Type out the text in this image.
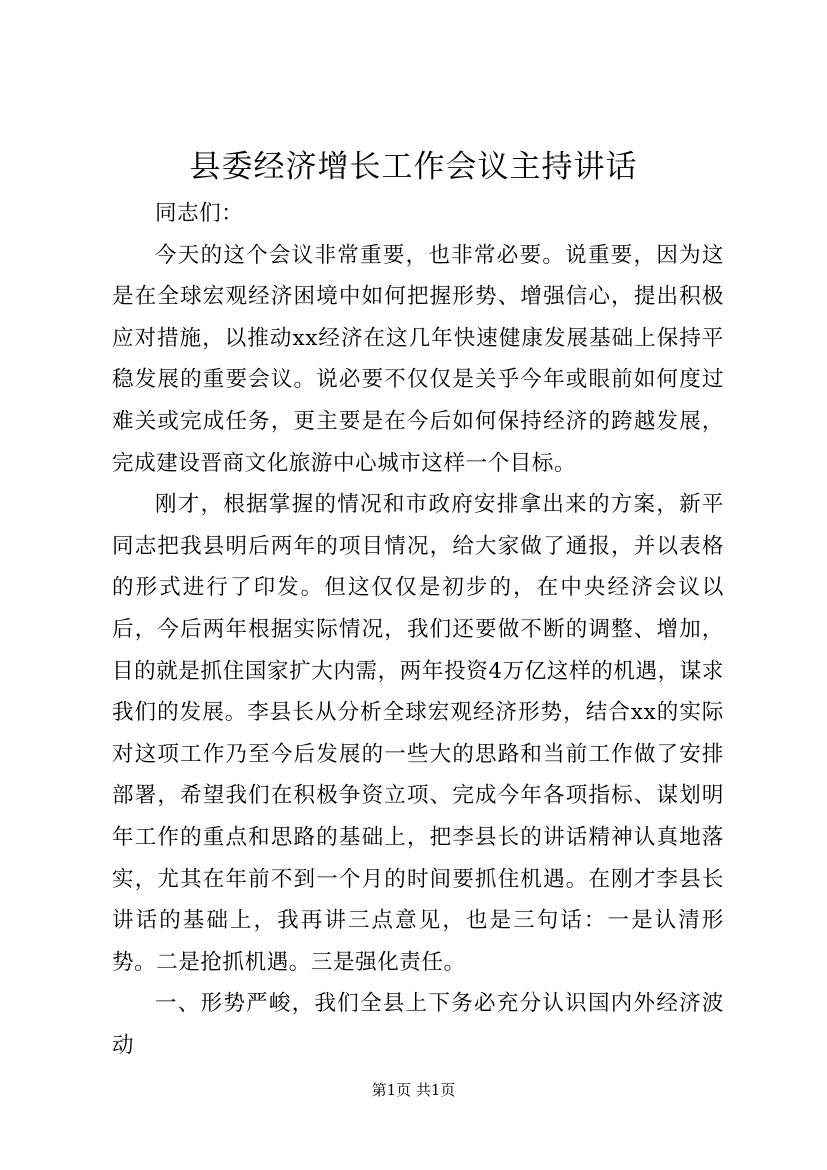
县委经济增长工作会议主持讲话

同志们：

今天的这个会议非常重要，也非常必要。说重要，因为这是在全球宏观经济困境中如何把握形势、增强信心，提出积极应对措施，以推动xx经济在这几年快速健康发展基础上保持平稳发展的重要会议。说必要不仅仅是关乎今年或眼前如何度过难关或完成任务，更主要是在今后如何保持经济的跨越发展，完成建设晋商文化旅游中心城市这样一个目标。

刚才，根据掌握的情况和市政府安排拿出来的方案，新平同志把我县明后两年的项目情况，给大家做了通报，并以表格的形式进行了印发。但这仅仅是初步的，在中央经济会议以后，今后两年根据实际情况，我们还要做不断的调整、增加，目的就是抓住国家扩大内需，两年投资4万亿这样的机遇，谋求我们的发展。李县长从分析全球宏观经济形势，结合xx的实际对这项工作乃至今后发展的一些大的思路和当前工作做了安排部署，希望我们在积极争资立项、完成今年各项指标、谋划明年工作的重点和思路的基础上，把李县长的讲话精神认真地落实，尤其在年前不到一个月的时间要抓住机遇。在刚才李县长讲话的基础上，我再讲三点意见，也是三句话：一是认清形势。二是抢抓机遇。三是强化责任。

一、形势严峻，我们全县上下务必充分认识国内外经济波动

第1页 共1页
